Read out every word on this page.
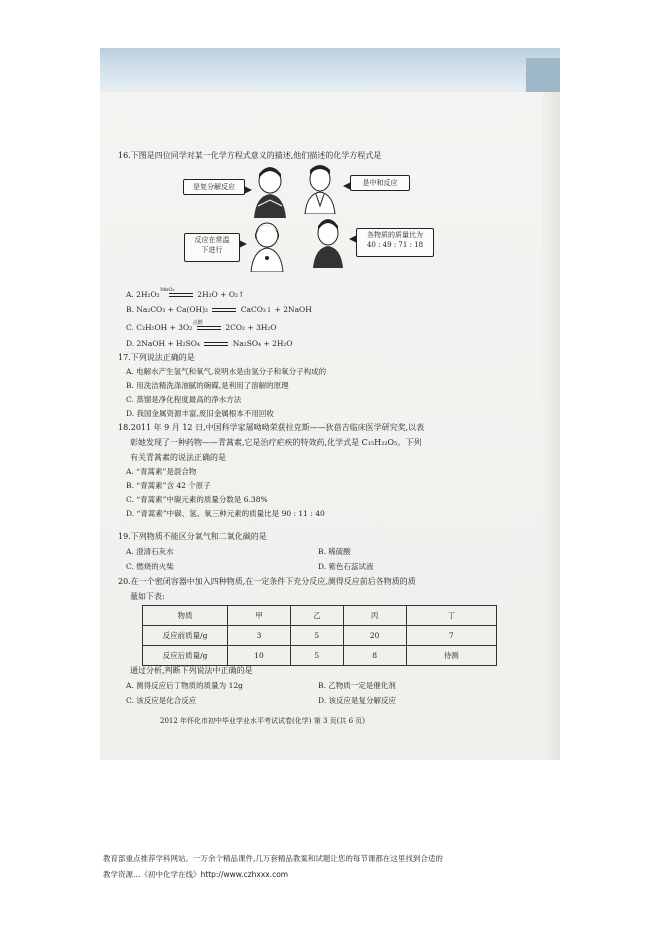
16.下图是四位同学对某一化学方程式意义的描述,他们描述的化学方程式是
是复分解反应	是中和反应
反应在常温
下进行
各物质的质量比为
40 : 49 : 71 : 18
A. 2H₂O₂ $^{MnO_2}$	2H₂O + O₂↑
B. Na₂CO₃ + Ca(OH)₂	CaCO₃↓ + 2NaOH
C. C₂H₅OH + 3O₂ $^{点燃}$	2CO₂ + 3H₂O
D. 2NaOH + H₂SO₄	Na₂SO₄ + 2H₂O
17.下列说法正确的是
A. 电解水产生氢气和氧气,说明水是由氢分子和氧分子构成的
B. 用洗洁精洗涤油腻的碗碟,是利用了溶解的原理
C. 蒸馏是净化程度最高的净水方法
D. 我国金属资源丰富,废旧金属根本不用回收
18.2011 年 9 月 12 日,中国科学家屠呦呦荣获拉克斯——狄蓓吉临床医学研究奖,以表
彰她发现了一种药物——青蒿素,它是治疗疟疾的特效药,化学式是 C₁₅H₂₂O₅。下列
有关青蒿素的说法正确的是
A. “青蒿素”是混合物
B. “青蒿素”含 42 个原子
C. “青蒿素”中碳元素的质量分数是 6.38%
D. “青蒿素”中碳、氢、氧三种元素的质量比是 90 : 11 : 40
19.下列物质不能区分氧气和二氧化碳的是
A. 澄清石灰水	B. 稀硫酸
C. 燃烧的火柴	D. 紫色石蕊试液
20.在一个密闭容器中加入四种物质,在一定条件下充分反应,测得反应前后各物质的质
量如下表:
物质	甲	乙	丙	丁
反应前质量/g	3	5	20	7
反应后质量/g	10	5	8	待测
通过分析,判断下列说法中正确的是
A. 测得反应后丁物质的质量为 12g	B. 乙物质一定是催化剂
C. 该反应是化合反应	D. 该反应是复分解反应
2012 年怀化市初中毕业学业水平考试试卷(化学) 第 3 页(共 6 页)
教育部重点推荐学科网站。一万余个精品课件,几万套精品教案和试题让您的每节课都在这里找到合适的
教学资源…《初中化学在线》http://www.czhxxx.com
